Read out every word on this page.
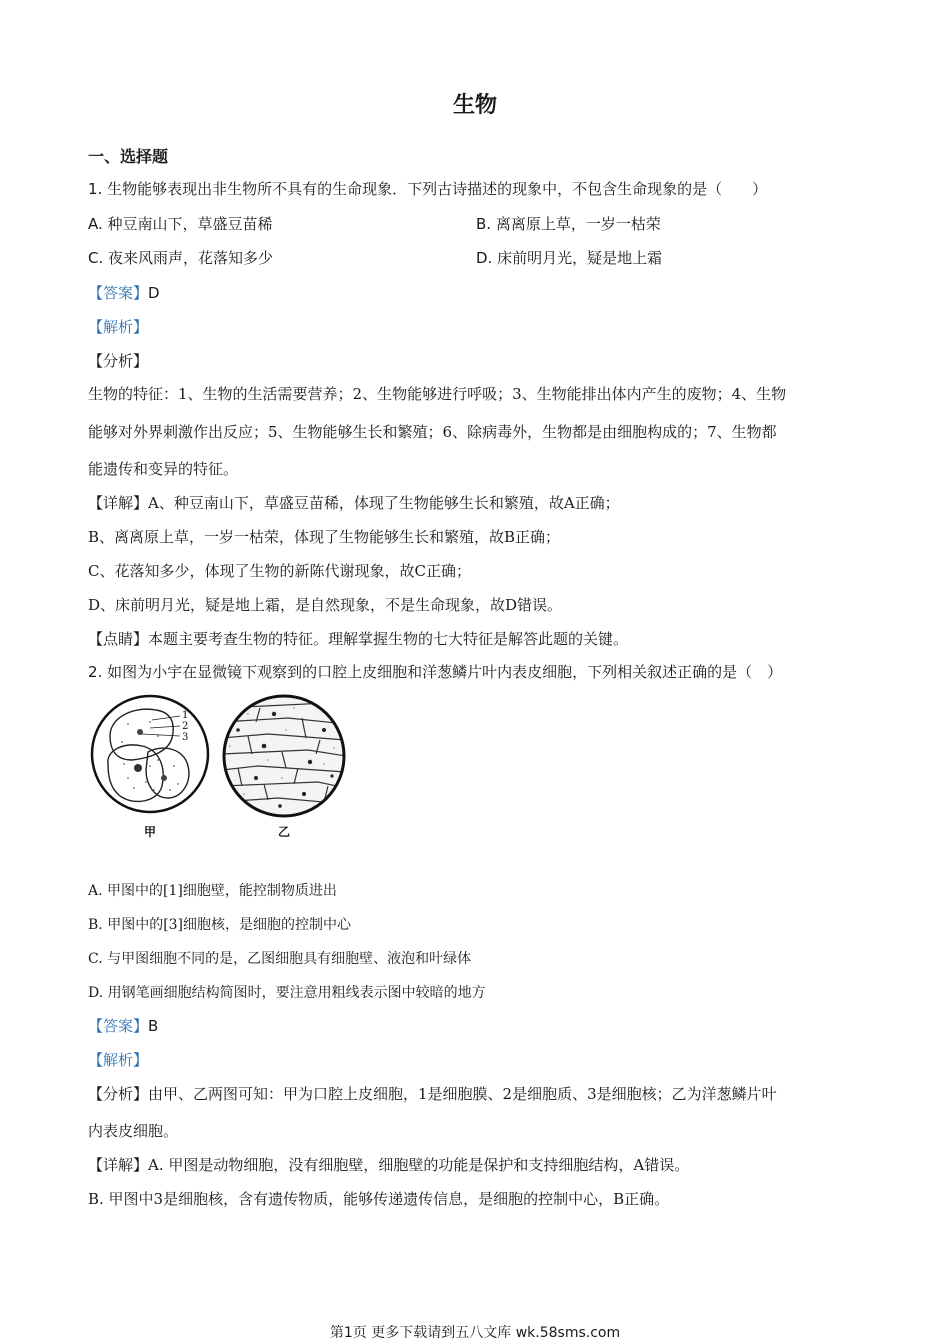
生物
一、选择题
1. 生物能够表现出非生物所不具有的生命现象．下列古诗描述的现象中，不包含生命现象的是（　　）
A. 种豆南山下，草盛豆苗稀	B. 离离原上草，一岁一枯荣
C. 夜来风雨声，花落知多少	D. 床前明月光，疑是地上霜
【答案】D
【解析】
【分析】
生物的特征：1、生物的生活需要营养；2、生物能够进行呼吸；3、生物能排出体内产生的废物；4、生物
能够对外界刺激作出反应；5、生物能够生长和繁殖；6、除病毒外，生物都是由细胞构成的；7、生物都
能遗传和变异的特征。
【详解】A、种豆南山下，草盛豆苗稀，体现了生物能够生长和繁殖，故A正确；
B、离离原上草，一岁一枯荣，体现了生物能够生长和繁殖，故B正确；
C、花落知多少，体现了生物的新陈代谢现象，故C正确；
D、床前明月光，疑是地上霜，是自然现象，不是生命现象，故D错误。
【点睛】本题主要考查生物的特征。理解掌握生物的七大特征是解答此题的关键。
2. 如图为小宇在显微镜下观察到的口腔上皮细胞和洋葱鳞片叶内表皮细胞，下列相关叙述正确的是（　）
1
2
3
甲	乙
A. 甲图中的[1]细胞壁，能控制物质进出
B. 甲图中的[3]细胞核，是细胞的控制中心
C. 与甲图细胞不同的是，乙图细胞具有细胞壁、液泡和叶绿体
D. 用钢笔画细胞结构简图时，要注意用粗线表示图中较暗的地方
【答案】B
【解析】
【分析】由甲、乙两图可知：甲为口腔上皮细胞，1是细胞膜、2是细胞质、3是细胞核；乙为洋葱鳞片叶
内表皮细胞。
【详解】A. 甲图是动物细胞，没有细胞壁，细胞壁的功能是保护和支持细胞结构，A错误。
B. 甲图中3是细胞核，含有遗传物质，能够传递遗传信息，是细胞的控制中心，B正确。
第1页 更多下载请到五八文库 wk.58sms.com
